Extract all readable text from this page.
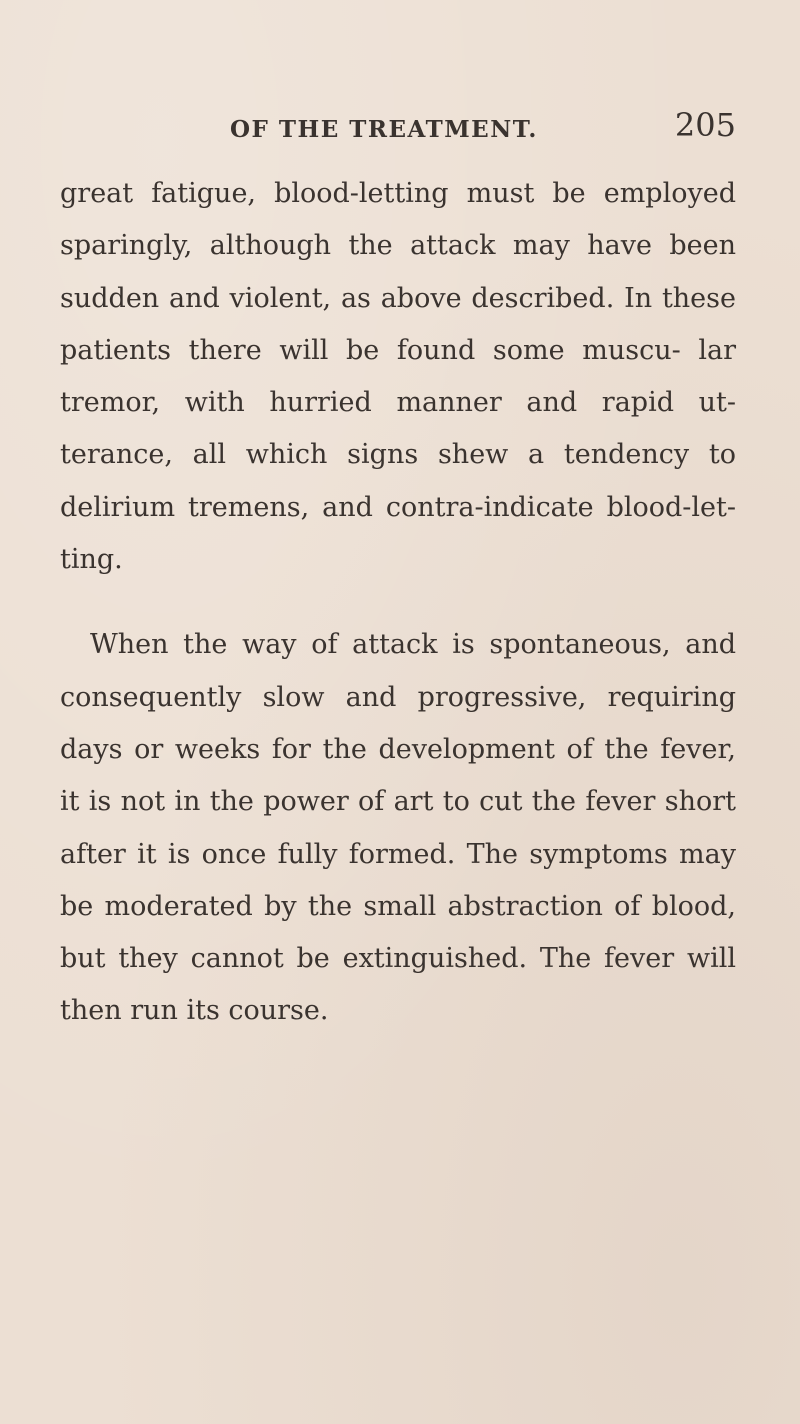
OF THE TREATMENT.	205

great fatigue, blood-letting must be employed sparingly, although the attack may have been sudden and violent, as above described. In these patients there will be found some muscu- lar tremor, with hurried manner and rapid ut- terance, all which signs shew a tendency to delirium tremens, and contra-indicate blood-let- ting.

When the way of attack is spontaneous, and consequently slow and progressive, requiring days or weeks for the development of the fever, it is not in the power of art to cut the fever short after it is once fully formed. The symptoms may be moderated by the small abstraction of blood, but they cannot be extinguished. The fever will then run its course.
